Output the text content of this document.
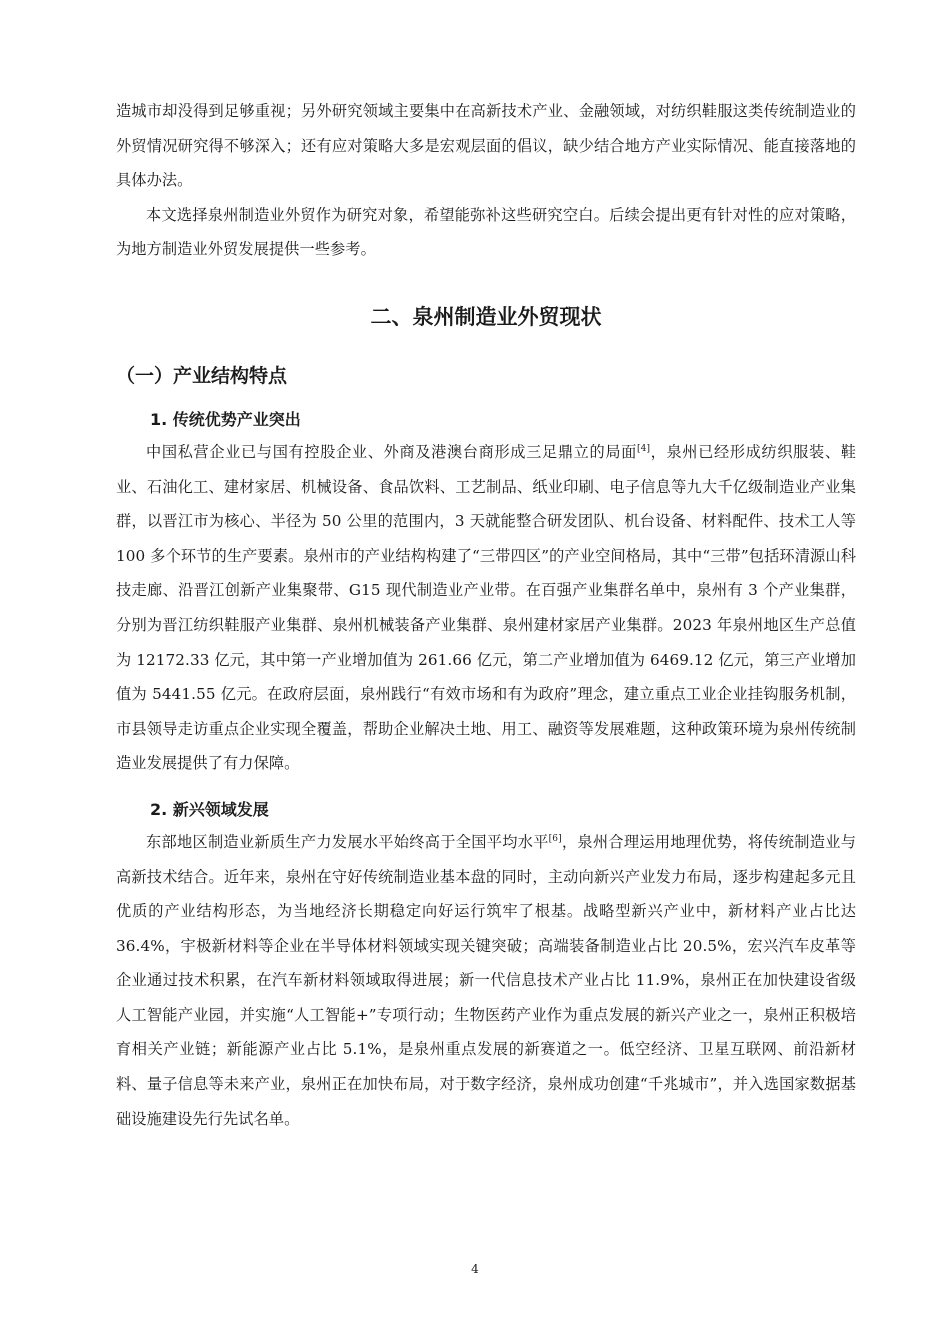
造城市却没得到足够重视；另外研究领域主要集中在高新技术产业、金融领域，对纺织鞋服这类传统制造业的外贸情况研究得不够深入；还有应对策略大多是宏观层面的倡议，缺少结合地方产业实际情况、能直接落地的具体办法。

本文选择泉州制造业外贸作为研究对象，希望能弥补这些研究空白。后续会提出更有针对性的应对策略，为地方制造业外贸发展提供一些参考。

二、泉州制造业外贸现状
（一）产业结构特点
1. 传统优势产业突出

中国私营企业已与国有控股企业、外商及港澳台商形成三足鼎立的局面[4]，泉州已经形成纺织服装、鞋业、石油化工、建材家居、机械设备、食品饮料、工艺制品、纸业印刷、电子信息等九大千亿级制造业产业集群，以晋江市为核心、半径为 50 公里的范围内，3 天就能整合研发团队、机台设备、材料配件、技术工人等 100 多个环节的生产要素。泉州市的产业结构构建了“三带四区”的产业空间格局，其中“三带”包括环清源山科技走廊、沿晋江创新产业集聚带、G15 现代制造业产业带。在百强产业集群名单中，泉州有 3 个产业集群，分别为晋江纺织鞋服产业集群、泉州机械装备产业集群、泉州建材家居产业集群。2023 年泉州地区生产总值为 12172.33 亿元，其中第一产业增加值为 261.66 亿元，第二产业增加值为 6469.12 亿元，第三产业增加值为 5441.55 亿元。在政府层面，泉州践行“有效市场和有为政府”理念，建立重点工业企业挂钩服务机制，市县领导走访重点企业实现全覆盖，帮助企业解决土地、用工、融资等发展难题，这种政策环境为泉州传统制造业发展提供了有力保障。

2. 新兴领域发展

东部地区制造业新质生产力发展水平始终高于全国平均水平[6]，泉州合理运用地理优势，将传统制造业与高新技术结合。近年来，泉州在守好传统制造业基本盘的同时，主动向新兴产业发力布局，逐步构建起多元且优质的产业结构形态，为当地经济长期稳定向好运行筑牢了根基。战略型新兴产业中，新材料产业占比达 36.4%，宇极新材料等企业在半导体材料领域实现关键突破；高端装备制造业占比 20.5%，宏兴汽车皮革等企业通过技术积累，在汽车新材料领域取得进展；新一代信息技术产业占比 11.9%，泉州正在加快建设省级人工智能产业园，并实施“人工智能+”专项行动；生物医药产业作为重点发展的新兴产业之一，泉州正积极培育相关产业链；新能源产业占比 5.1%，是泉州重点发展的新赛道之一。低空经济、卫星互联网、前沿新材料、量子信息等未来产业，泉州正在加快布局，对于数字经济，泉州成功创建“千兆城市”，并入选国家数据基础设施建设先行先试名单。

4
